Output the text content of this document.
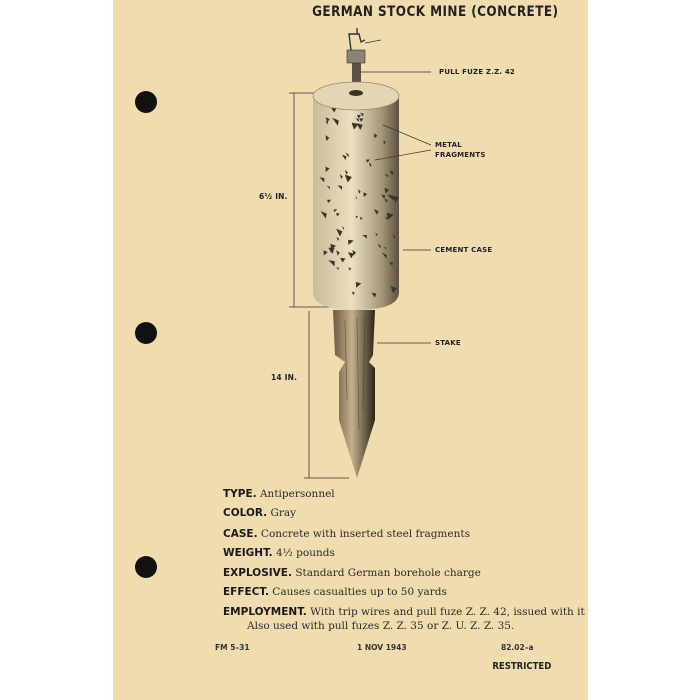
GERMAN STOCK MINE (CONCRETE)
PULL FUZE Z.Z. 42
METAL
FRAGMENTS
CEMENT CASE
STAKE
6½ IN.
14 IN.
TYPE. Antipersonnel
COLOR. Gray
CASE. Concrete with inserted steel fragments
WEIGHT. 4½ pounds
EXPLOSIVE. Standard German borehole charge
EFFECT. Causes casualties up to 50 yards
EMPLOYMENT. With trip wires and pull fuze Z. Z. 42, issued with it
Also used with pull fuzes Z. Z. 35 or Z. U. Z. Z. 35.
FM 5–31	1 NOV 1943	82.02–a
RESTRICTED
